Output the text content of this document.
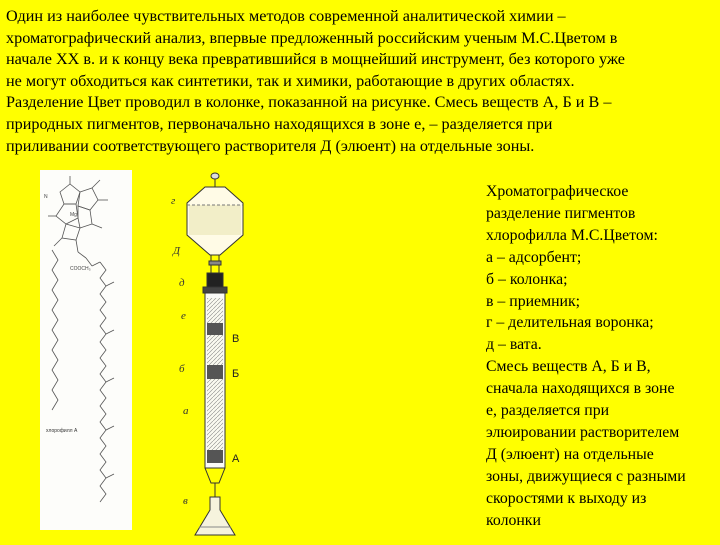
Один из наиболее чувствительных методов современной аналитической химии –
хроматографический анализ, впервые предложенный российским ученым М.С.Цветом в
начале XX в. и к концу века превратившийся в мощнейший инструмент, без которого уже
не могут обходиться как синтетики, так и химики, работающие в других областях.
Разделение Цвет проводил в колонке, показанной на рисунке. Смесь веществ А, Б и В –
природных пигментов, первоначально находящихся в зоне е, – разделяется при
приливании соответствующего растворителя Д (элюент) на отдельные зоны.
Mg
N
COOCH₃
хлорофилл А
г
Д
д
е
В
б	Б
а
А
в
Хроматографическое
разделение пигментов
хлорофилла М.С.Цветом:
а – адсорбент;
б – колонка;
в – приемник;
г – делительная воронка;
д – вата.
Смесь веществ А, Б и В,
сначала находящихся в зоне
е, разделяется при
элюировании растворителем
Д (элюент) на отдельные
зоны, движущиеся с разными
скоростями к выходу из
колонки
